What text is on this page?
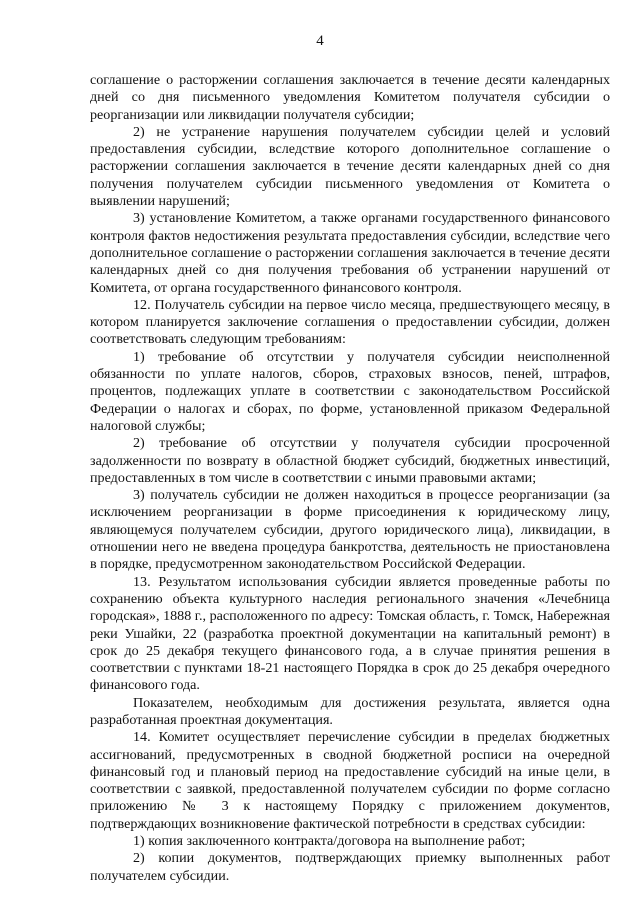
4

соглашение о расторжении соглашения заключается в течение десяти календарных дней со дня письменного уведомления Комитетом получателя субсидии о реорганизации или ликвидации получателя субсидии;

2) не устранение нарушения получателем субсидии целей и условий предоставления субсидии, вследствие которого дополнительное соглашение о расторжении соглашения заключается в течение десяти календарных дней со дня получения получателем субсидии письменного уведомления от Комитета о выявлении нарушений;

3) установление Комитетом, а также органами государственного финансового контроля фактов недостижения результата предоставления субсидии, вследствие чего дополнительное соглашение о расторжении соглашения заключается в течение десяти календарных дней со дня получения требования об устранении нарушений от Комитета, от органа государственного финансового контроля.

12. Получатель субсидии на первое число месяца, предшествующего месяцу, в котором планируется заключение соглашения о предоставлении субсидии, должен соответствовать следующим требованиям:

1) требование об отсутствии у получателя субсидии неисполненной обязанности по уплате налогов, сборов, страховых взносов, пеней, штрафов, процентов, подлежащих уплате в соответствии с законодательством Российской Федерации о налогах и сборах, по форме, установленной приказом Федеральной налоговой службы;

2) требование об отсутствии у получателя субсидии просроченной задолженности по возврату в областной бюджет субсидий, бюджетных инвестиций, предоставленных в том числе в соответствии с иными правовыми актами;

3) получатель субсидии не должен находиться в процессе реорганизации (за исключением реорганизации в форме присоединения к юридическому лицу, являющемуся получателем субсидии, другого юридического лица), ликвидации, в отношении него не введена процедура банкротства, деятельность не приостановлена в порядке, предусмотренном законодательством Российской Федерации.

13. Результатом использования субсидии является проведенные работы по сохранению объекта культурного наследия регионального значения «Лечебница городская», 1888 г., расположенного по адресу: Томская область, г. Томск, Набережная реки Ушайки, 22 (разработка проектной документации на капитальный ремонт) в срок до 25 декабря текущего финансового года, а в случае принятия решения в соответствии с пунктами 18-21 настоящего Порядка в срок до 25 декабря очередного финансового года.

Показателем, необходимым для достижения результата, является одна разработанная проектная документация.

14. Комитет осуществляет перечисление субсидии в пределах бюджетных ассигнований, предусмотренных в сводной бюджетной росписи на очередной финансовый год и плановый период на предоставление субсидий на иные цели, в соответствии с заявкой, предоставленной получателем субсидии по форме согласно приложению № 3 к настоящему Порядку с приложением документов, подтверждающих возникновение фактической потребности в средствах субсидии:

1) копия заключенного контракта/договора на выполнение работ;

2) копии документов, подтверждающих приемку выполненных работ получателем субсидии.
